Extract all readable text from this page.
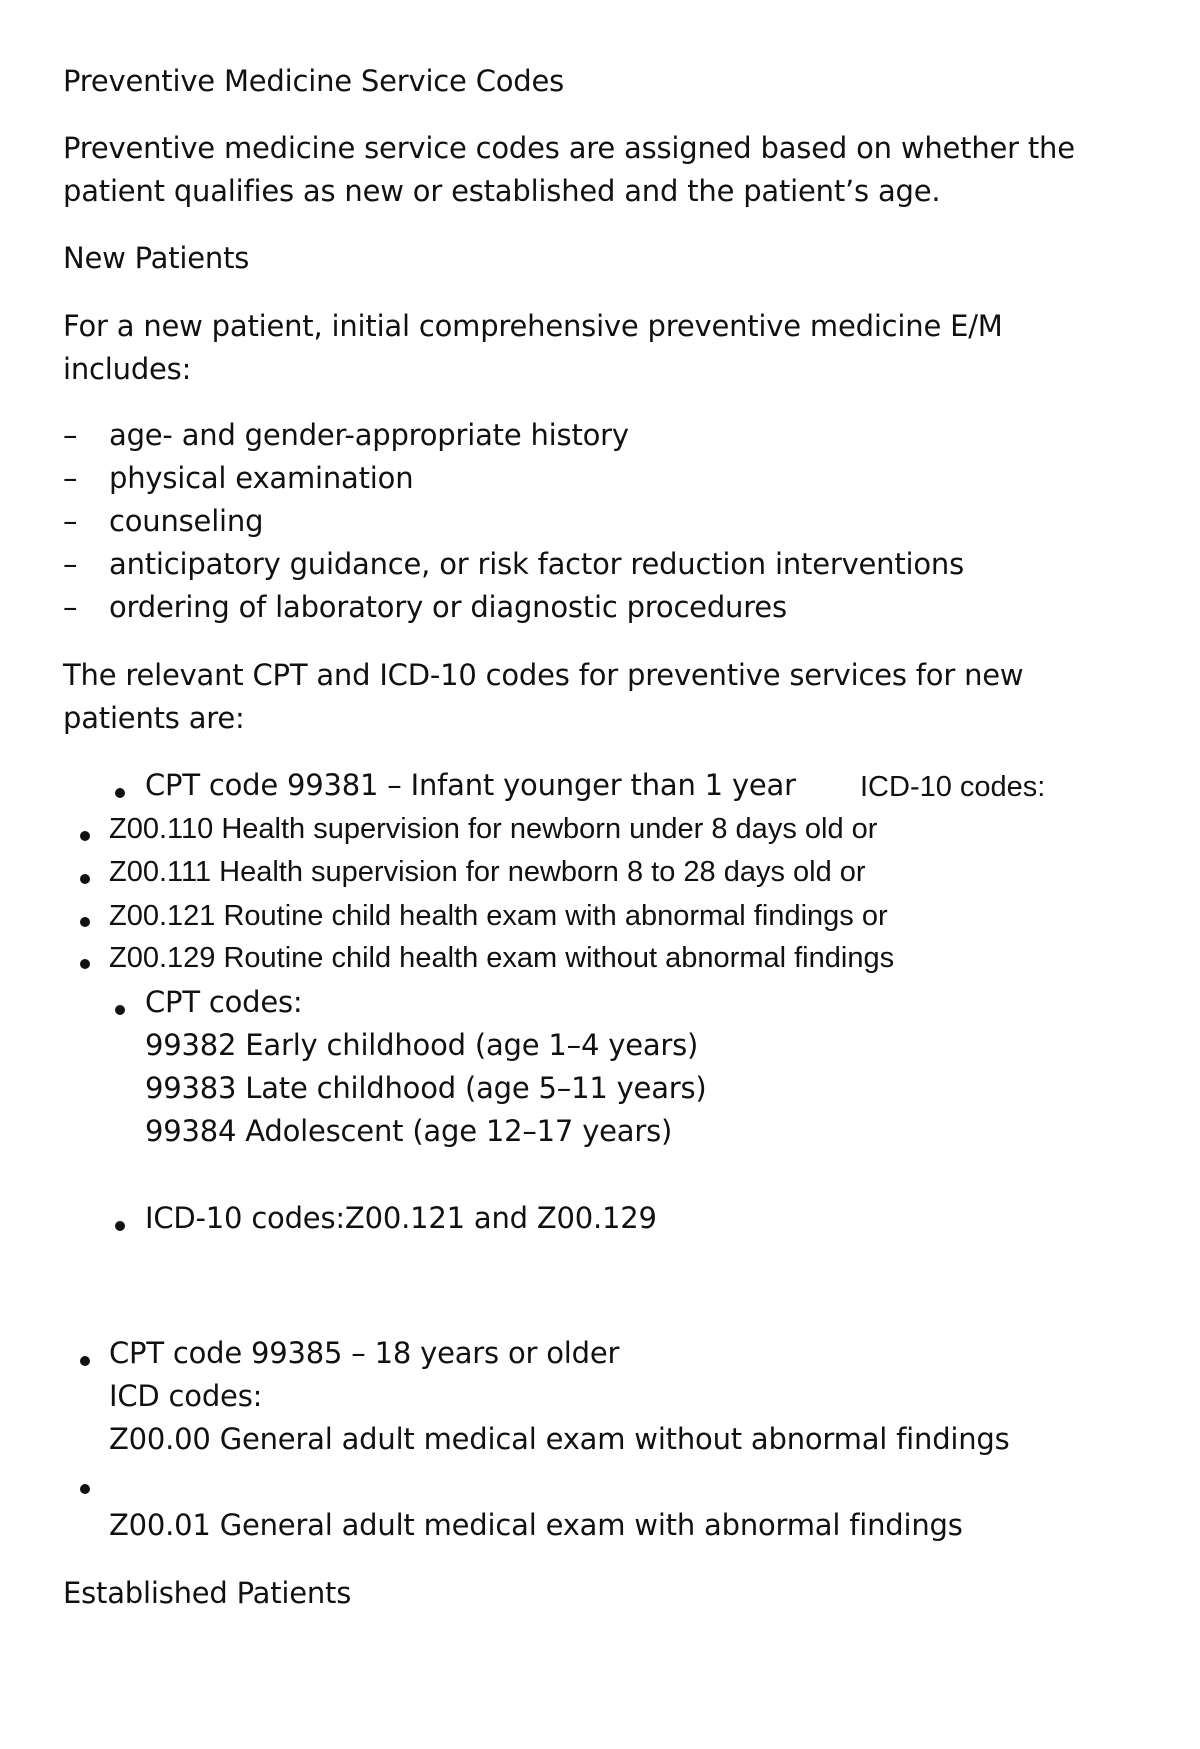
Preventive Medicine Service Codes
Preventive medicine service codes are assigned based on whether the
patient qualifies as new or established and the patient’s age.
New Patients
For a new patient, initial comprehensive preventive medicine E/M
includes:
– age- and gender-appropriate history
– physical examination
– counseling
– anticipatory guidance, or risk factor reduction interventions
– ordering of laboratory or diagnostic procedures
The relevant CPT and ICD-10 codes for preventive services for new
patients are:
CPT code 99381 – Infant younger than 1 year ICD-10 codes:
Z00.110 Health supervision for newborn under 8 days old or
Z00.111 Health supervision for newborn 8 to 28 days old or
Z00.121 Routine child health exam with abnormal findings or
Z00.129 Routine child health exam without abnormal findings
CPT codes:
99382 Early childhood (age 1–4 years)
99383 Late childhood (age 5–11 years)
99384 Adolescent (age 12–17 years)
ICD-10 codes:Z00.121 and Z00.129
CPT code 99385 – 18 years or older
ICD codes:
Z00.00 General adult medical exam without abnormal findings
Z00.01 General adult medical exam with abnormal findings
Established Patients
